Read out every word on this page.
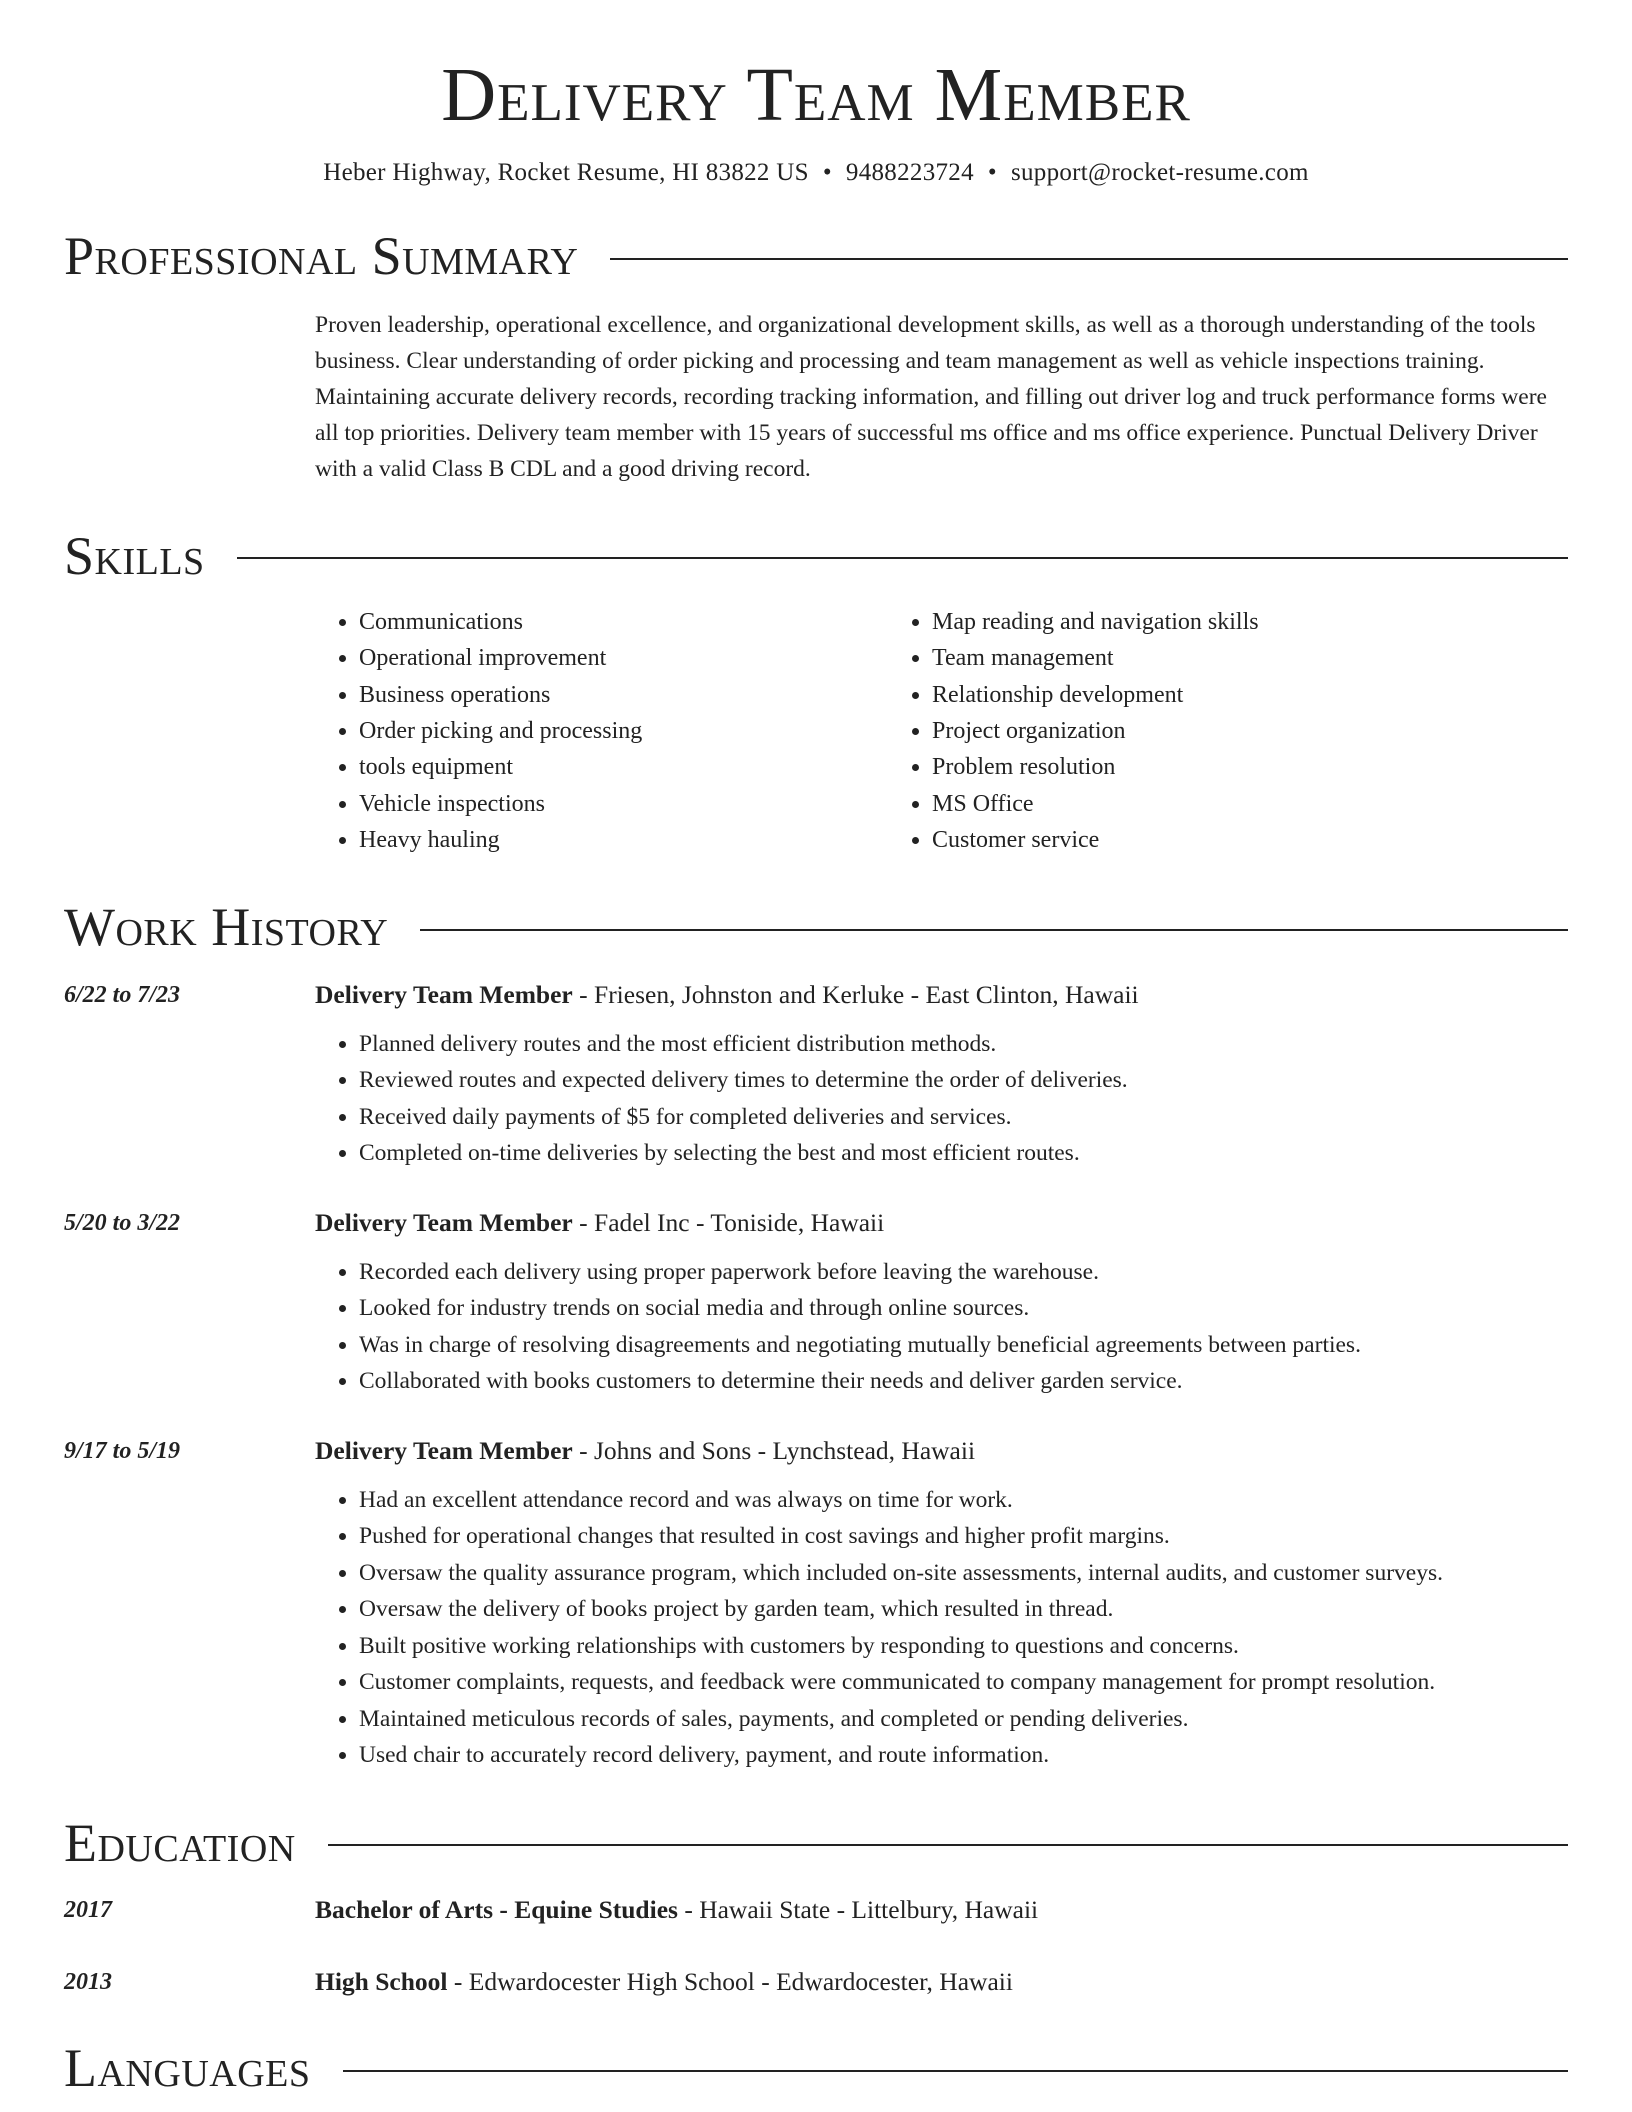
Delivery Team Member
Heber Highway, Rocket Resume, HI 83822 US • 9488223724 • support@rocket-resume.com
Professional Summary
Proven leadership, operational excellence, and organizational development skills, as well as a thorough understanding of the tools business. Clear understanding of order picking and processing and team management as well as vehicle inspections training. Maintaining accurate delivery records, recording tracking information, and filling out driver log and truck performance forms were all top priorities. Delivery team member with 15 years of successful ms office and ms office experience. Punctual Delivery Driver with a valid Class B CDL and a good driving record.
Skills
• Communications
• Operational improvement
• Business operations
• Order picking and processing
• tools equipment
• Vehicle inspections
• Heavy hauling
• Map reading and navigation skills
• Team management
• Relationship development
• Project organization
• Problem resolution
• MS Office
• Customer service
Work History
6/22 to 7/23	Delivery Team Member - Friesen, Johnston and Kerluke - East Clinton, Hawaii
• Planned delivery routes and the most efficient distribution methods.
• Reviewed routes and expected delivery times to determine the order of deliveries.
• Received daily payments of $5 for completed deliveries and services.
• Completed on-time deliveries by selecting the best and most efficient routes.
5/20 to 3/22	Delivery Team Member - Fadel Inc - Toniside, Hawaii
• Recorded each delivery using proper paperwork before leaving the warehouse.
• Looked for industry trends on social media and through online sources.
• Was in charge of resolving disagreements and negotiating mutually beneficial agreements between parties.
• Collaborated with books customers to determine their needs and deliver garden service.
9/17 to 5/19	Delivery Team Member - Johns and Sons - Lynchstead, Hawaii
• Had an excellent attendance record and was always on time for work.
• Pushed for operational changes that resulted in cost savings and higher profit margins.
• Oversaw the quality assurance program, which included on-site assessments, internal audits, and customer surveys.
• Oversaw the delivery of books project by garden team, which resulted in thread.
• Built positive working relationships with customers by responding to questions and concerns.
• Customer complaints, requests, and feedback were communicated to company management for prompt resolution.
• Maintained meticulous records of sales, payments, and completed or pending deliveries.
• Used chair to accurately record delivery, payment, and route information.
Education
2017	Bachelor of Arts - Equine Studies - Hawaii State - Littelbury, Hawaii
2013	High School - Edwardocester High School - Edwardocester, Hawaii
Languages
